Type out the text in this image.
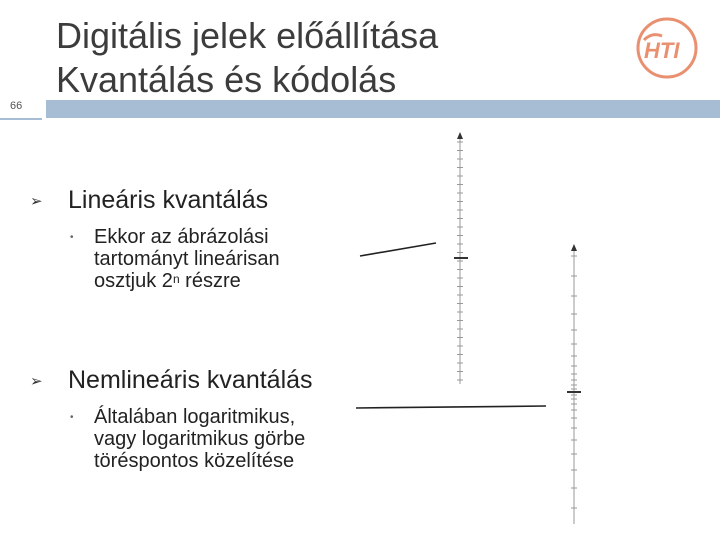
Digitális jelek előállítása
Kvantálás és kódolás
66
HTI
➢ Lineáris kvantálás
• Ekkor az ábrázolási
tartományt lineárisan
osztjuk 2$^n$ részre
➢ Nemlineáris kvantálás
• Általában logaritmikus,
vagy logaritmikus görbe
töréspontos közelítése
